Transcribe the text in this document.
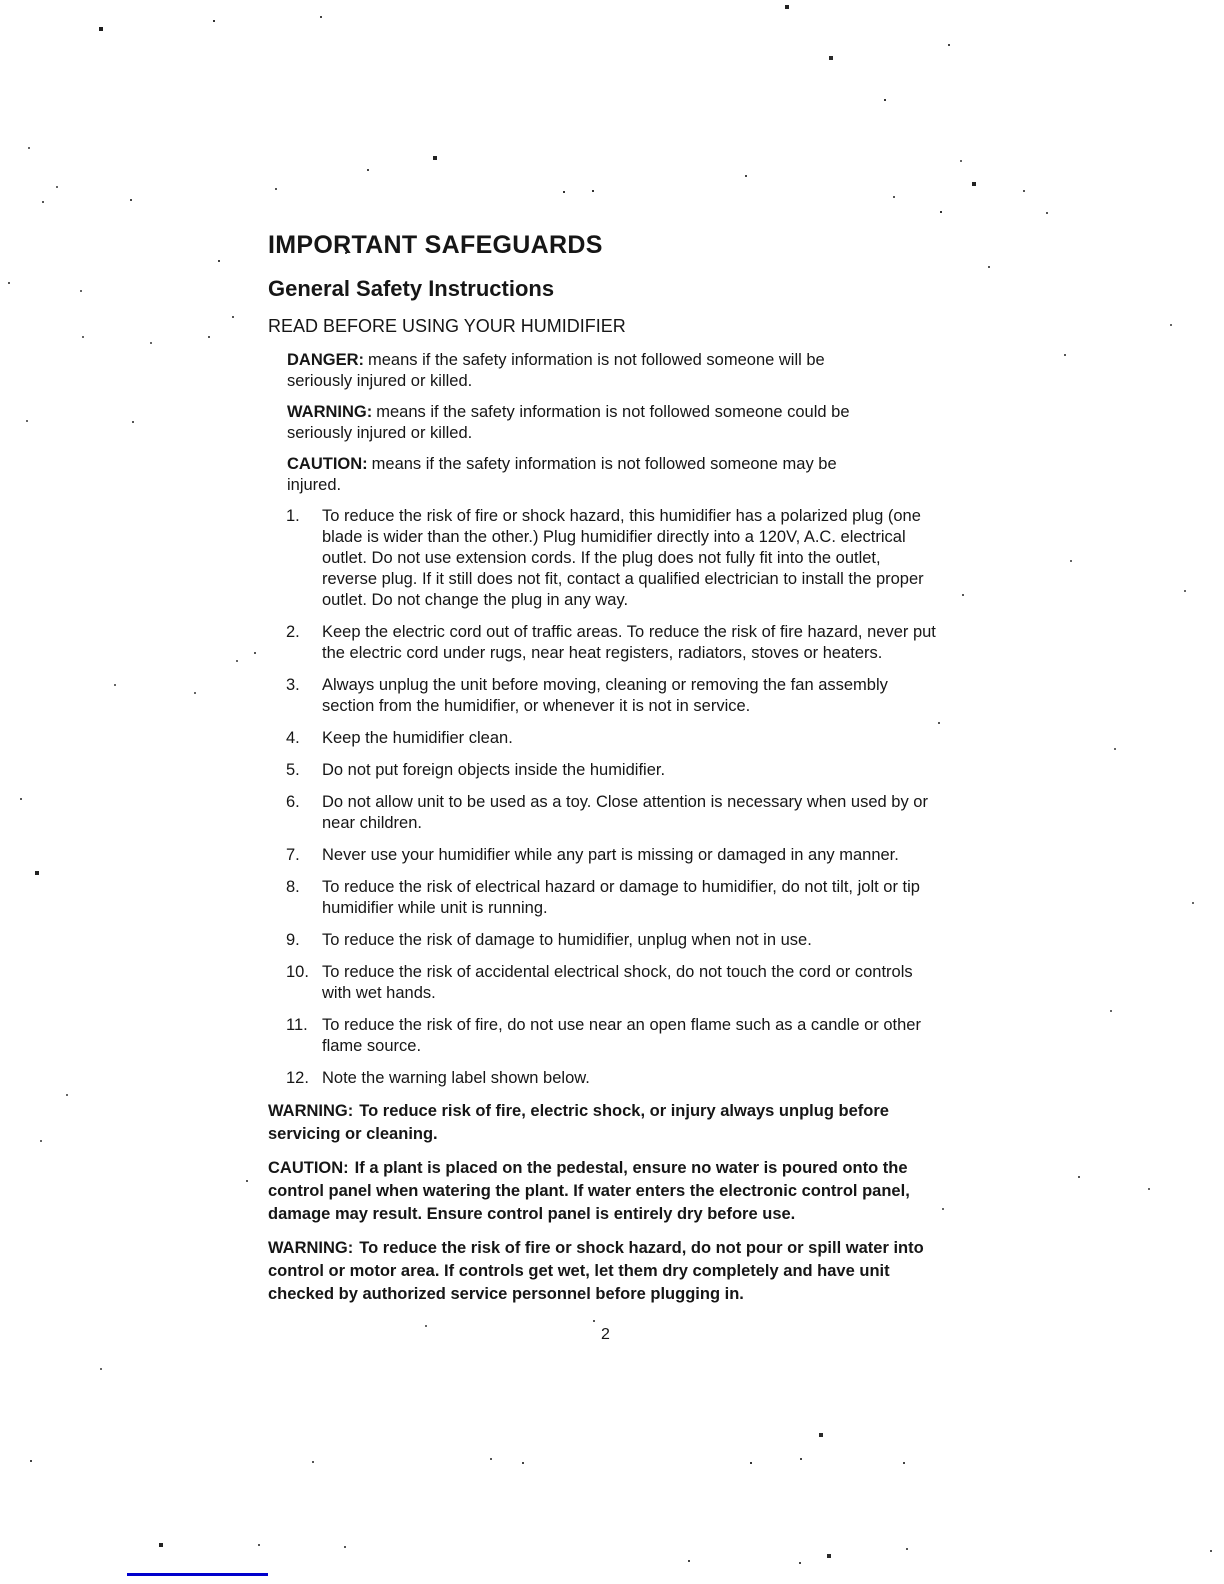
IMPORTANT SAFEGUARDS
General Safety Instructions
READ BEFORE USING YOUR HUMIDIFIER

DANGER: means if the safety information is not followed someone will be seriously injured or killed.

WARNING: means if the safety information is not followed someone could be seriously injured or killed.

CAUTION: means if the safety information is not followed someone may be injured.

1.	To reduce the risk of fire or shock hazard, this humidifier has a polarized plug (one blade is wider than the other.) Plug humidifier directly into a 120V, A.C. electrical outlet. Do not use extension cords. If the plug does not fully fit into the outlet, reverse plug. If it still does not fit, contact a qualified electrician to install the proper outlet. Do not change the plug in any way.
2.	Keep the electric cord out of traffic areas. To reduce the risk of fire hazard, never put the electric cord under rugs, near heat registers, radiators, stoves or heaters.
3.	Always unplug the unit before moving, cleaning or removing the fan assembly section from the humidifier, or whenever it is not in service.
4.	Keep the humidifier clean.
5.	Do not put foreign objects inside the humidifier.
6.	Do not allow unit to be used as a toy. Close attention is necessary when used by or near children.
7.	Never use your humidifier while any part is missing or damaged in any manner.
8.	To reduce the risk of electrical hazard or damage to humidifier, do not tilt, jolt or tip humidifier while unit is running.
9.	To reduce the risk of damage to humidifier, unplug when not in use.
10. To reduce the risk of accidental electrical shock, do not touch the cord or controls with wet hands.
11. To reduce the risk of fire, do not use near an open flame such as a candle or other flame source.
12. Note the warning label shown below.

WARNING: To reduce risk of fire, electric shock, or injury always unplug before servicing or cleaning.

CAUTION: If a plant is placed on the pedestal, ensure no water is poured onto the control panel when watering the plant. If water enters the electronic control panel, damage may result. Ensure control panel is entirely dry before use.

WARNING: To reduce the risk of fire or shock hazard, do not pour or spill water into control or motor area. If controls get wet, let them dry completely and have unit checked by authorized service personnel before plugging in.

2
